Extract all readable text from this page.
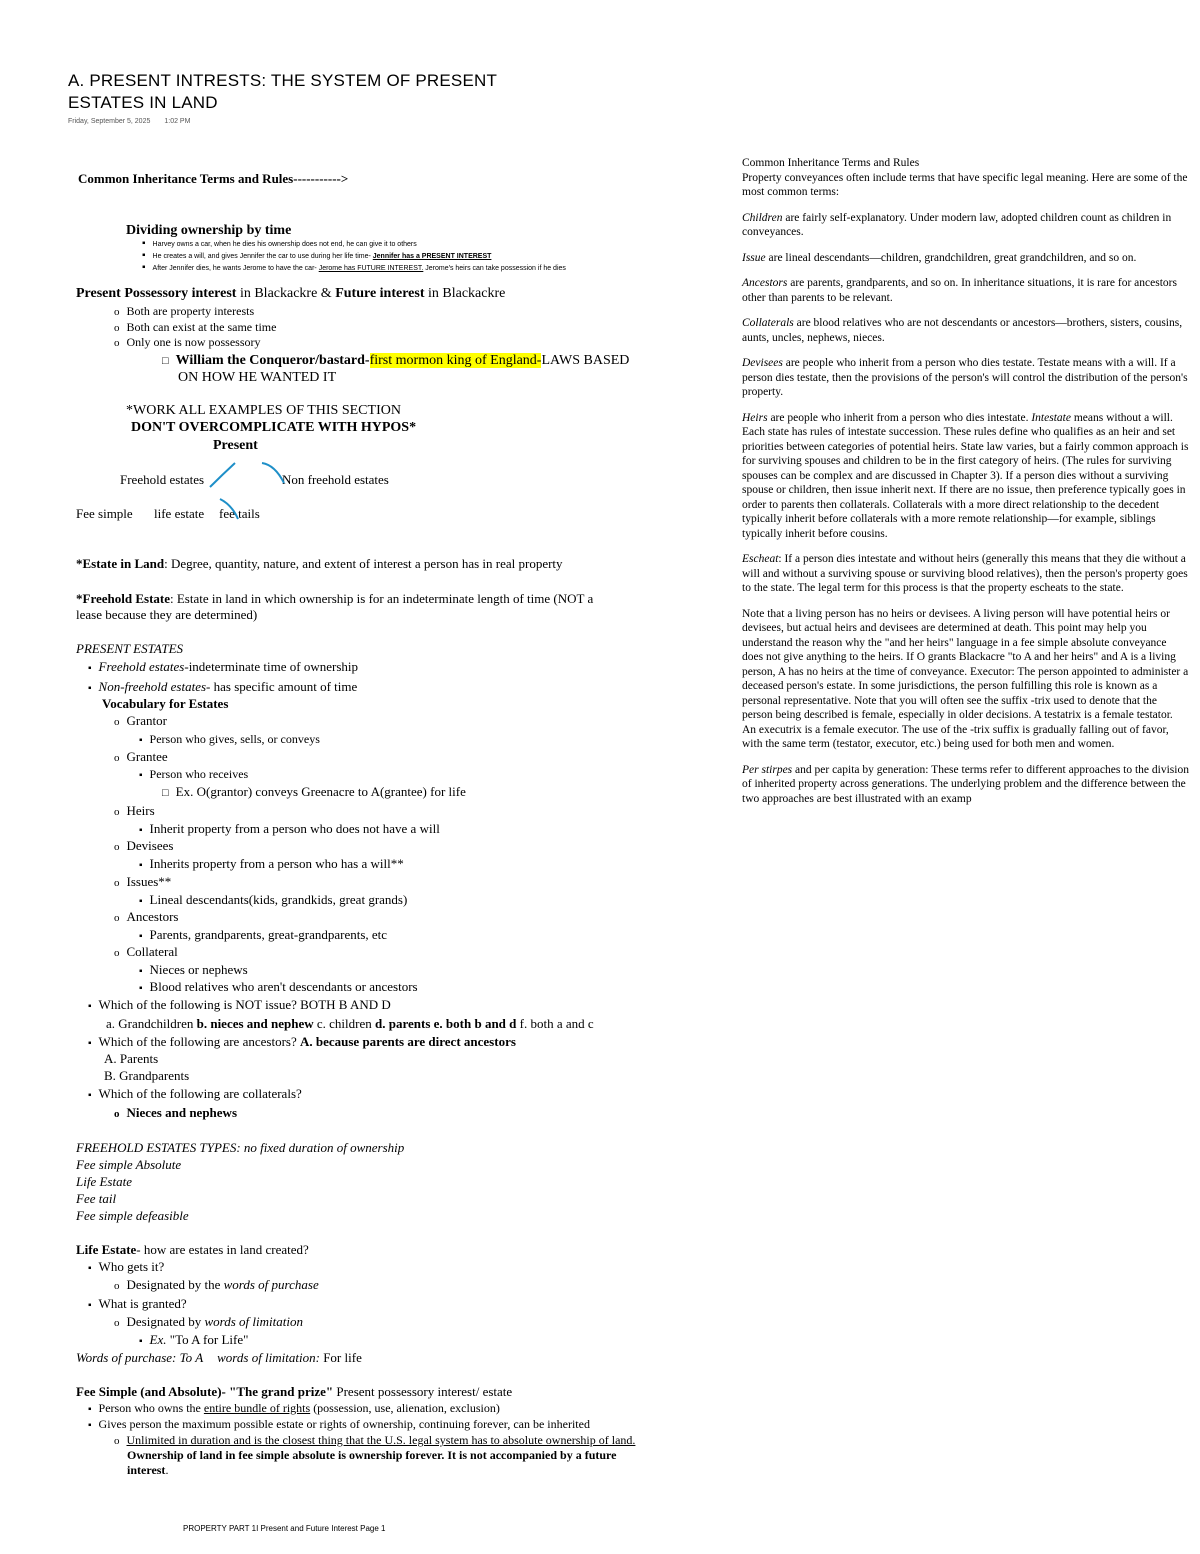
A. PRESENT INTRESTS: THE SYSTEM OF PRESENT
ESTATES IN LAND
Friday, September 5, 2025 1:02 PM
Common Inheritance Terms and Rules----------->
Dividing ownership by time
▪ Harvey owns a car, when he dies his ownership does not end, he can give it to others
▪ He creates a will, and gives Jennifer the car to use during her life time- Jennifer has a PRESENT INTEREST
▪ After Jennifer dies, he wants Jerome to have the car- Jerome has FUTURE INTEREST. Jerome's heirs can take possession if he dies
Present Possessory interest in Blackackre & Future interest in Blackackre
o Both are property interests
o Both can exist at the same time
o Only one is now possessory
□ William the Conqueror/bastard-first mormon king of England-LAWS BASED
ON HOW HE WANTED IT
*WORK ALL EXAMPLES OF THIS SECTION
DON'T OVERCOMPLICATE WITH HYPOS*
Present
Freehold estates	Non freehold estates
Fee simple life estate fee tails
*Estate in Land: Degree, quantity, nature, and extent of interest a person has in real property
*Freehold Estate: Estate in land in which ownership is for an indeterminate length of time (NOT a
lease because they are determined)
PRESENT ESTATES
▪ Freehold estates-indeterminate time of ownership
▪ Non-freehold estates- has specific amount of time
Vocabulary for Estates
o Grantor
▪ Person who gives, sells, or conveys
o Grantee
▪ Person who receives
□ Ex. O(grantor) conveys Greenacre to A(grantee) for life
o Heirs
▪ Inherit property from a person who does not have a will
o Devisees
▪ Inherits property from a person who has a will**
o Issues**
▪ Lineal descendants(kids, grandkids, great grands)
o Ancestors
▪ Parents, grandparents, great-grandparents, etc
o Collateral
▪ Nieces or nephews
▪ Blood relatives who aren't descendants or ancestors
▪ Which of the following is NOT issue? BOTH B AND D
a. Grandchildren b. nieces and nephew c. children d. parents e. both b and d f. both a and c
▪ Which of the following are ancestors? A. because parents are direct ancestors
A. Parents
B. Grandparents
▪ Which of the following are collaterals?
o Nieces and nephews
FREEHOLD ESTATES TYPES: no fixed duration of ownership
Fee simple Absolute
Life Estate
Fee tail
Fee simple defeasible
Life Estate- how are estates in land created?
▪ Who gets it?
o Designated by the words of purchase
▪ What is granted?
o Designated by words of limitation
▪ Ex. "To A for Life"
Words of purchase: To A words of limitation: For life
Fee Simple (and Absolute)- "The grand prize" Present possessory interest/ estate
▪ Person who owns the entire bundle of rights (possession, use, alienation, exclusion)
▪ Gives person the maximum possible estate or rights of ownership, continuing forever, can be inherited
o Unlimited in duration and is the closest thing that the U.S. legal system has to absolute ownership of land.
Ownership of land in fee simple absolute is ownership forever. It is not accompanied by a future
interest.

Common Inheritance Terms and Rules

Property conveyances often include terms that have specific legal meaning. Here are some of the most common terms:

Children are fairly self-explanatory. Under modern law, adopted children count as children in conveyances.

Issue are lineal descendants—children, grandchildren, great grandchildren, and so on.

Ancestors are parents, grandparents, and so on. In inheritance situations, it is rare for ancestors other than parents to be relevant.

Collaterals are blood relatives who are not descendants or ancestors—brothers, sisters, cousins, aunts, uncles, nephews, nieces.

Devisees are people who inherit from a person who dies testate. Testate means with a will. If a person dies testate, then the provisions of the person's will control the distribution of the person's property.

Heirs are people who inherit from a person who dies intestate. Intestate means without a will. Each state has rules of intestate succession. These rules define who qualifies as an heir and set priorities between categories of potential heirs. State law varies, but a fairly common approach is for surviving spouses and children to be in the first category of heirs. (The rules for surviving spouses can be complex and are discussed in Chapter 3). If a person dies without a surviving spouse or children, then issue inherit next. If there are no issue, then preference typically goes in order to parents then collaterals. Collaterals with a more direct relationship to the decedent typically inherit before collaterals with a more remote relationship—for example, siblings typically inherit before cousins.

Escheat: If a person dies intestate and without heirs (generally this means that they die without a will and without a surviving spouse or surviving blood relatives), then the person's property goes to the state. The legal term for this process is that the property escheats to the state.

Note that a living person has no heirs or devisees. A living person will have potential heirs or devisees, but actual heirs and devisees are determined at death. This point may help you understand the reason why the "and her heirs" language in a fee simple absolute conveyance does not give anything to the heirs. If O grants Blackacre "to A and her heirs" and A is a living person, A has no heirs at the time of conveyance. Executor: The person appointed to administer a deceased person's estate. In some jurisdictions, the person fulfilling this role is known as a personal representative. Note that you will often see the suffix -trix used to denote that the person being described is female, especially in older decisions. A testatrix is a female testator. An executrix is a female executor. The use of the -trix suffix is gradually falling out of favor, with the same term (testator, executor, etc.) being used for both men and women.

Per stirpes and per capita by generation: These terms refer to different approaches to the division of inherited property across generations. The underlying problem and the difference between the two approaches are best illustrated with an examp

PROPERTY PART 1I Present and Future Interest Page 1
